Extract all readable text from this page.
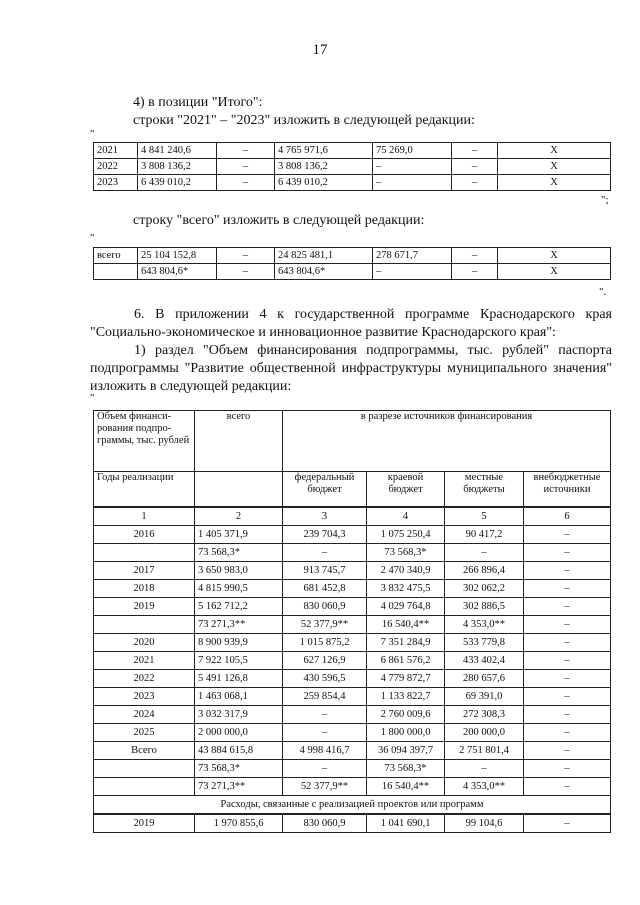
17
4) в позиции "Итого":
строки "2021" – "2023" изложить в следующей редакции:
"
2021	4 841 240,6	–	4 765 971,6	75 269,0	–	Х
2022	3 808 136,2	–	3 808 136,2	–	–	Х
2023	6 439 010,2	–	6 439 010,2	–	–	Х
";
строку "всего" изложить в следующей редакции:
"
всего	25 104 152,8	–	24 825 481,1	278 671,7	–	Х
	643 804,6*	–	643 804,6*	–	–	Х
".
6. В приложении 4 к государственной программе Краснодарского края "Социально-экономическое и инновационное развитие Краснодарского края":
1) раздел "Объем финансирования подпрограммы, тыс. рублей" паспорта подпрограммы "Развитие общественной инфраструктуры муниципального значения" изложить в следующей редакции:
"
Объем финанси-рования подпро-граммы, тыс. рублей	всего	в разрезе источников финансирования			

Годы реализации		федеральный бюджет	краевой бюджет	местные бюджеты	внебюджетные источники
1	2	3	4	5	6
2016	1 405 371,9	239 704,3	1 075 250,4	90 417,2	–
	73 568,3*	–	73 568,3*	–	–
2017	3 650 983,0	913 745,7	2 470 340,9	266 896,4	–
2018	4 815 990,5	681 452,8	3 832 475,5	302 062,2	–
2019	5 162 712,2	830 060,9	4 029 764,8	302 886,5	–
	73 271,3**	52 377,9**	16 540,4**	4 353,0**	–
2020	8 900 939,9	1 015 875,2	7 351 284,9	533 779,8	–
2021	7 922 105,5	627 126,9	6 861 576,2	433 402,4	–
2022	5 491 126,8	430 596,5	4 779 872,7	280 657,6	–
2023	1 463 068,1	259 854,4	1 133 822,7	69 391,0	–
2024	3 032 317,9	–	2 760 009,6	272 308,3	–
2025	2 000 000,0	–	1 800 000,0	200 000,0	–
Всего	43 884 615,8	4 998 416,7	36 094 397,7	2 751 801,4	–
	73 568,3*	–	73 568,3*	–	–
	73 271,3**	52 377,9**	16 540,4**	4 353,0**	–
Расходы, связанные с реализацией проектов или программ					
2019	1 970 855,6	830 060,9	1 041 690,1	99 104,6	–
